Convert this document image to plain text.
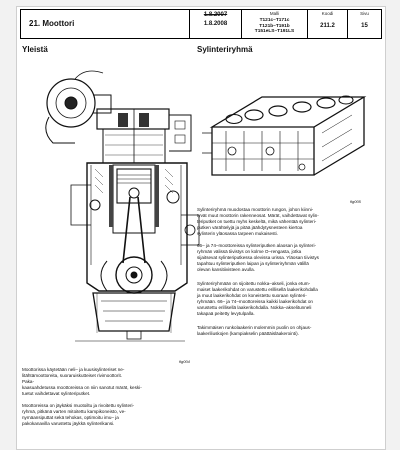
21. Moottori
1.8.2007
1.8.2008
Malli
T121c–T171c
T121b–T191b
T151eLS–T191LS
Koodi
211.2
Sivu
15
Yleistä
fig004
Moottorissa käytetään neli– ja kuusisylinteriset ne-
litähtämoottoreita, suoraruiskutteiset rivimoottorit.
Paka-
kaasuahdetussa moottoreissa on niin sanotut märät, keski-
tuetut vaihdettavat sylinteriputket.
Moottoreissa on jäykäksi muotoiltu ja rivoitettu sylinteri-
ryhmä, pitkänä varten mitoitettu kampikoneisto, ve-
nymäansiputtat sekä tehokas, optimoitu imu– ja
pakokanavilla varustettu jäykkä sylinterikansi.
Sylinteriryhmä
fig005
Sylinteriryhmä muodostaa moottorin rungon, johon kiinni-
tyvät muut moottorin rakenneosat. Märät, vaihdettavat sylin-
teriputket on tuettu myhs keskeltä, mikä vähentää sylinteri-
putken värähtelyjä ja pitää jäähdytysnesteen kiertoa
sylinterin yläosassa tarpeen mukaisesti.
66– ja 74–moottoreissa sylinteriputken alaosan ja sylinteri-
ryhmän välissä tiivistys on kolme O–rengasta, jotka
sijaitsevat sylinteriputkessa olevissa urissa. Yläosan tiivistys
tapahtuu sylinteriputken laipan ja sylinteriryhmän välillä
olevan kansitiivisteen avulla.
Sylinteriryhmään on sijoitettu nokka–akseli, jonka etum-
maiset laakerikohdat on varustettu erillisellä laakerikohdalla
ja muut laakerikohdat on koneistettu suoraan sylinteri-
ryhmään. 66– ja 74–moottoreissa kaikki laakerikohdat on
varustettu erillisellä laakerikohdalla. Nokka–akselitunneli
takapaä peitetty levytulpalla.
Takimmäisen runkolaakerin molemmin puolin on ohjaus-
laakeriliuskojen (kampiakselin päättäisläakerointi).
